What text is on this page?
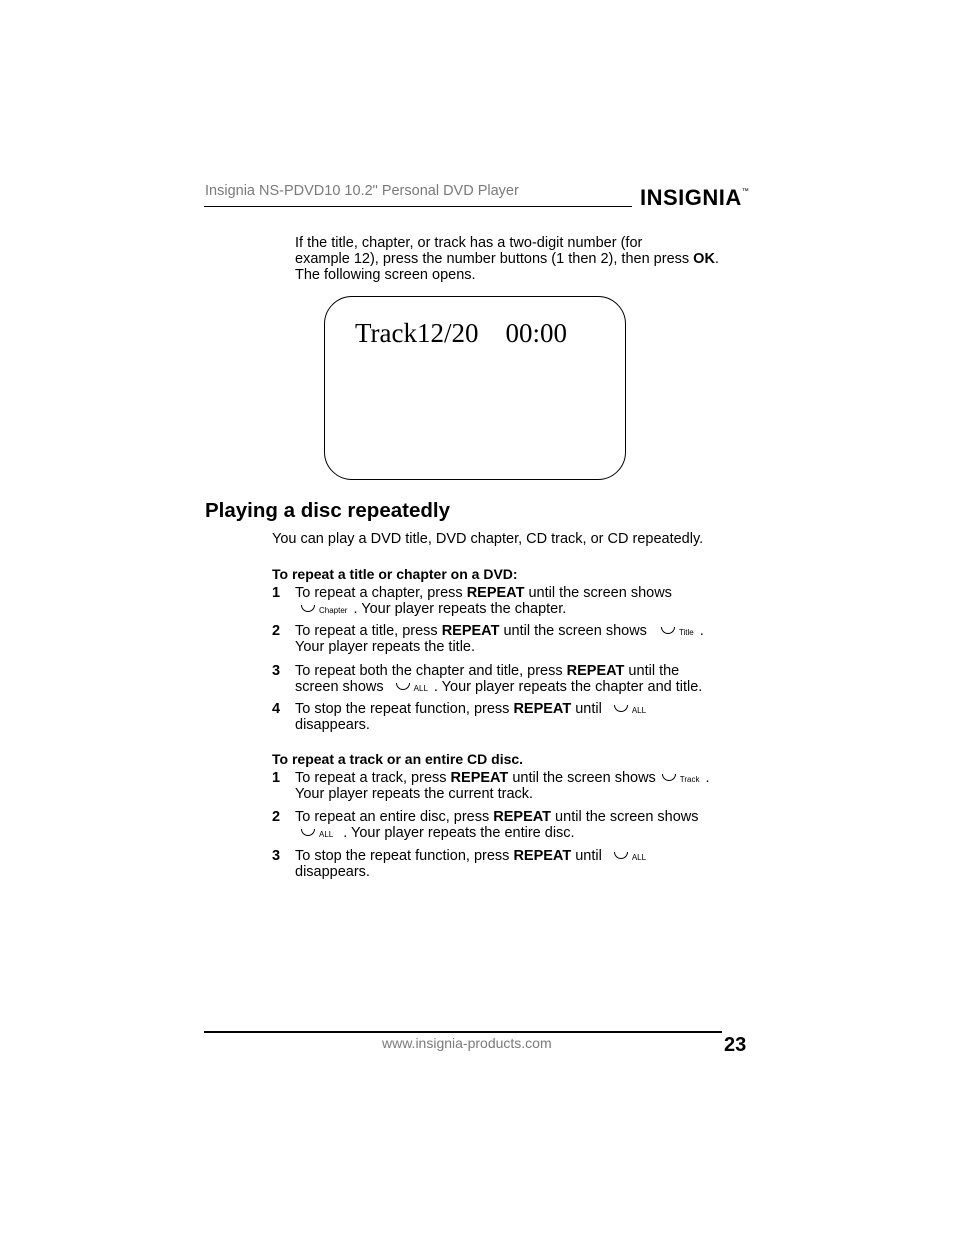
Insignia NS-PDVD10 10.2" Personal DVD Player	INSIGNIA™
If the title, chapter, or track has a two-digit number (for
example 12), press the number buttons (1 then 2), then press OK.
The following screen opens.
Track12/20    00:00
Playing a disc repeatedly
You can play a DVD title, DVD chapter, CD track, or CD repeatedly.
To repeat a title or chapter on a DVD:
1 To repeat a chapter, press REPEAT until the screen shows
Chapter . Your player repeats the chapter.
2 To repeat a title, press REPEAT until the screen shows	Title .
Your player repeats the title.
3 To repeat both the chapter and title, press REPEAT until the
screen shows	ALL . Your player repeats the chapter and title.
4 To stop the repeat function, press REPEAT until	ALL
disappears.
To repeat a track or an entire CD disc.
1 To repeat a track, press REPEAT until the screen shows	Track .
Your player repeats the current track.
2 To repeat an entire disc, press REPEAT until the screen shows
ALL . Your player repeats the entire disc.
3 To stop the repeat function, press REPEAT until	ALL
disappears.
www.insignia-products.com	23
